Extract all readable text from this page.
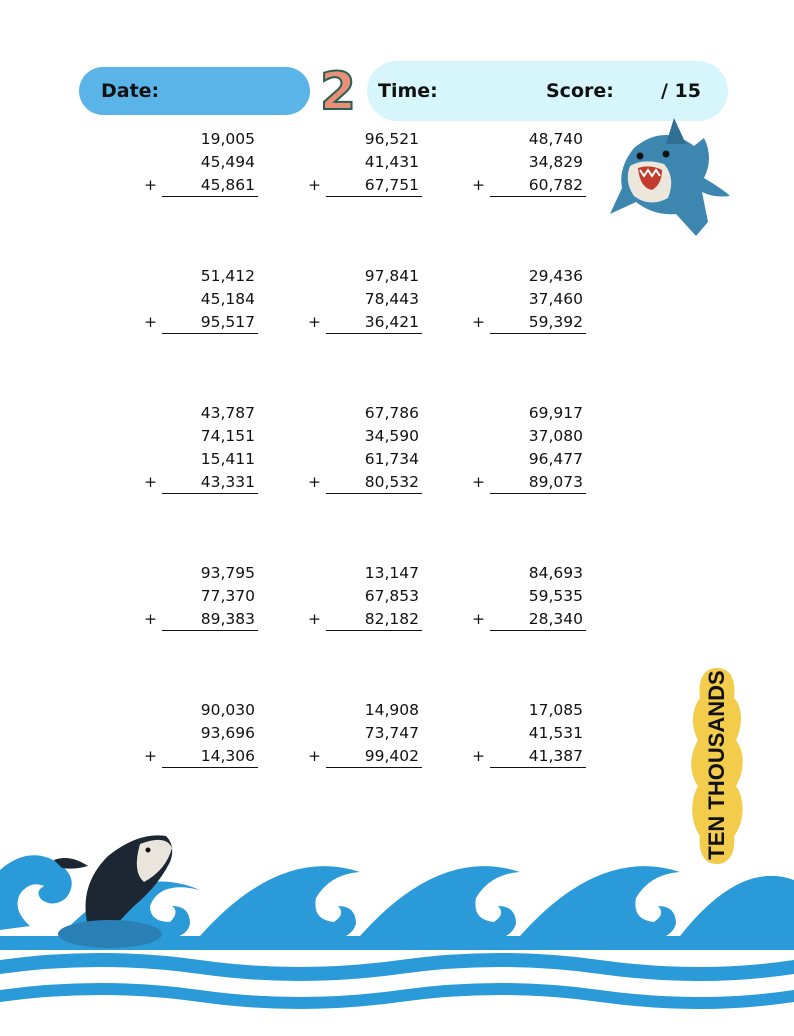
Date:	2 Time:	Score: / 15
19,005
45,494
+	45,861
96,521
41,431
+	67,751
48,740
34,829
+	60,782
51,412
45,184
+	95,517
97,841
78,443
+	36,421
29,436
37,460
+	59,392
43,787
74,151
15,411
+	43,331
67,786
34,590
61,734
+	80,532
69,917
37,080
96,477
+	89,073
93,795
77,370
+	89,383
13,147
67,853
+	82,182
84,693
59,535
+	28,340
90,030
93,696
+	14,306
14,908
73,747
+	99,402
17,085
41,531
+	41,387	TEN THOUSANDS
